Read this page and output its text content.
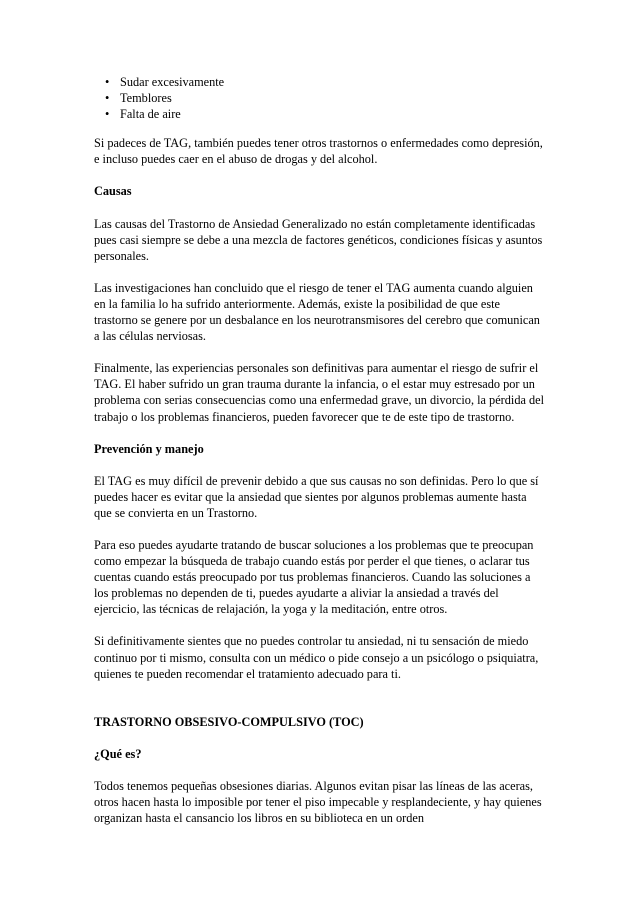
• Sudar excesivamente
• Temblores
• Falta de aire

Si padeces de TAG, también puedes tener otros trastornos o enfermedades como depresión, e incluso puedes caer en el abuso de drogas y del alcohol.

Causas

Las causas del Trastorno de Ansiedad Generalizado no están completamente identificadas pues casi siempre se debe a una mezcla de factores genéticos, condiciones físicas y asuntos personales.

Las investigaciones han concluido que el riesgo de tener el TAG aumenta cuando alguien en la familia lo ha sufrido anteriormente. Además, existe la posibilidad de que este trastorno se genere por un desbalance en los neurotransmisores del cerebro que comunican a las células nerviosas.

Finalmente, las experiencias personales son definitivas para aumentar el riesgo de sufrir el TAG. El haber sufrido un gran trauma durante la infancia, o el estar muy estresado por un problema con serias consecuencias como una enfermedad grave, un divorcio, la pérdida del trabajo o los problemas financieros, pueden favorecer que te de este tipo de trastorno.

Prevención y manejo

El TAG es muy difícil de prevenir debido a que sus causas no son definidas. Pero lo que sí puedes hacer es evitar que la ansiedad que sientes por algunos problemas aumente hasta que se convierta en un Trastorno.

Para eso puedes ayudarte tratando de buscar soluciones a los problemas que te preocupan como empezar la búsqueda de trabajo cuando estás por perder el que tienes, o aclarar tus cuentas cuando estás preocupado por tus problemas financieros. Cuando las soluciones a los problemas no dependen de ti, puedes ayudarte a aliviar la ansiedad a través del ejercicio, las técnicas de relajación, la yoga y la meditación, entre otros.

Si definitivamente sientes que no puedes controlar tu ansiedad, ni tu sensación de miedo continuo por ti mismo, consulta con un médico o pide consejo a un psicólogo o psiquiatra, quienes te pueden recomendar el tratamiento adecuado para ti.

TRASTORNO OBSESIVO-COMPULSIVO (TOC)
¿Qué es?

Todos tenemos pequeñas obsesiones diarias. Algunos evitan pisar las líneas de las aceras, otros hacen hasta lo imposible por tener el piso impecable y resplandeciente, y hay quienes organizan hasta el cansancio los libros en su biblioteca en un orden
